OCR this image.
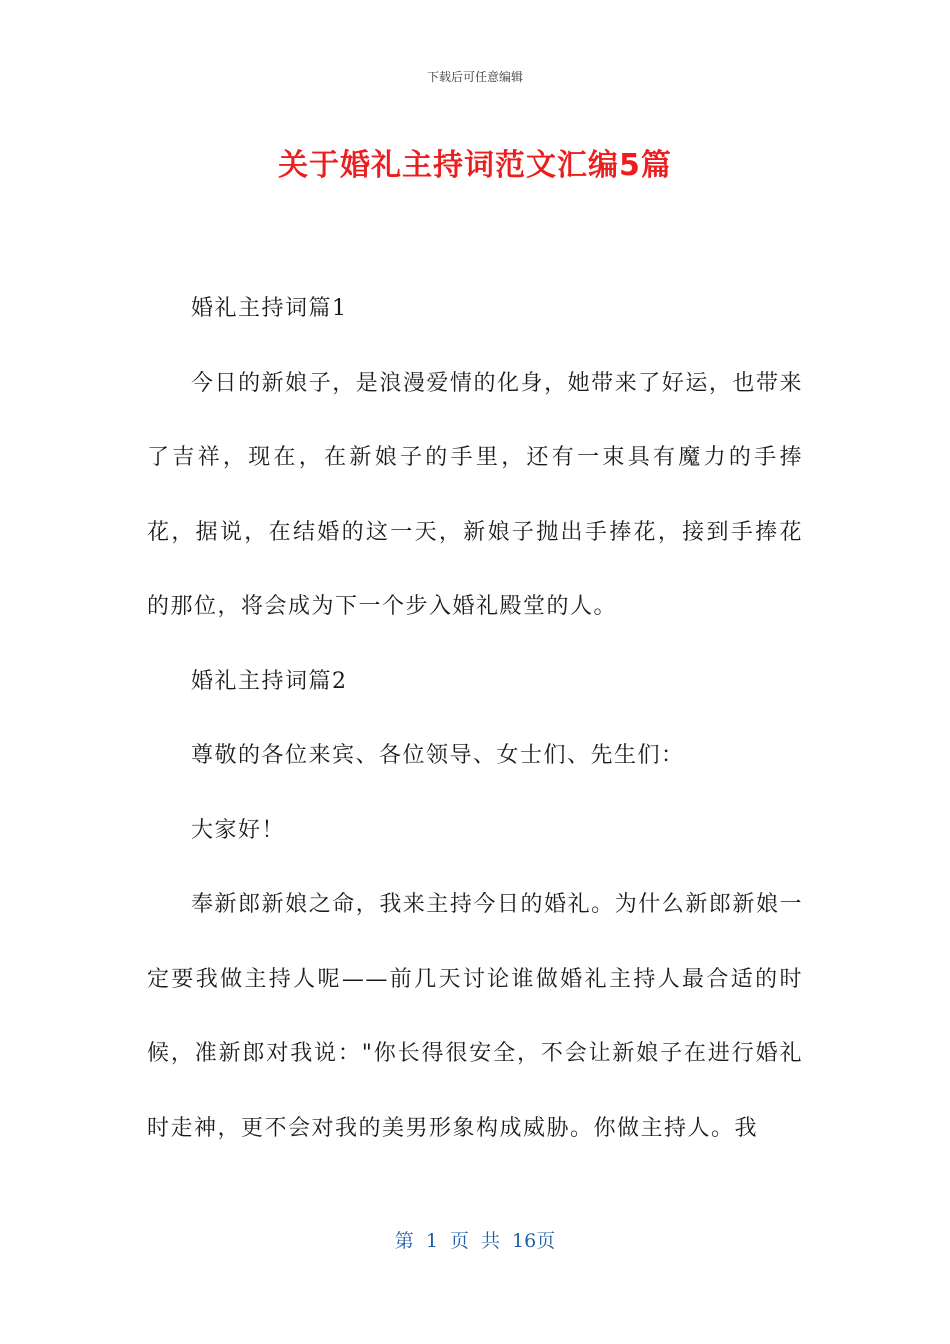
下载后可任意编辑
关于婚礼主持词范文汇编5篇

婚礼主持词篇1

今日的新娘子，是浪漫爱情的化身，她带来了好运，也带来了吉祥，现在，在新娘子的手里，还有一束具有魔力的手捧花，据说，在结婚的这一天，新娘子抛出手捧花，接到手捧花的那位，将会成为下一个步入婚礼殿堂的人。

婚礼主持词篇2

尊敬的各位来宾、各位领导、女士们、先生们：

大家好！

奉新郎新娘之命，我来主持今日的婚礼。为什么新郎新娘一定要我做主持人呢——前几天讨论谁做婚礼主持人最合适的时候，准新郎对我说："你长得很安全，不会让新娘子在进行婚礼时走神，更不会对我的美男形象构成威胁。你做主持人。我

第 1 页 共 16页
